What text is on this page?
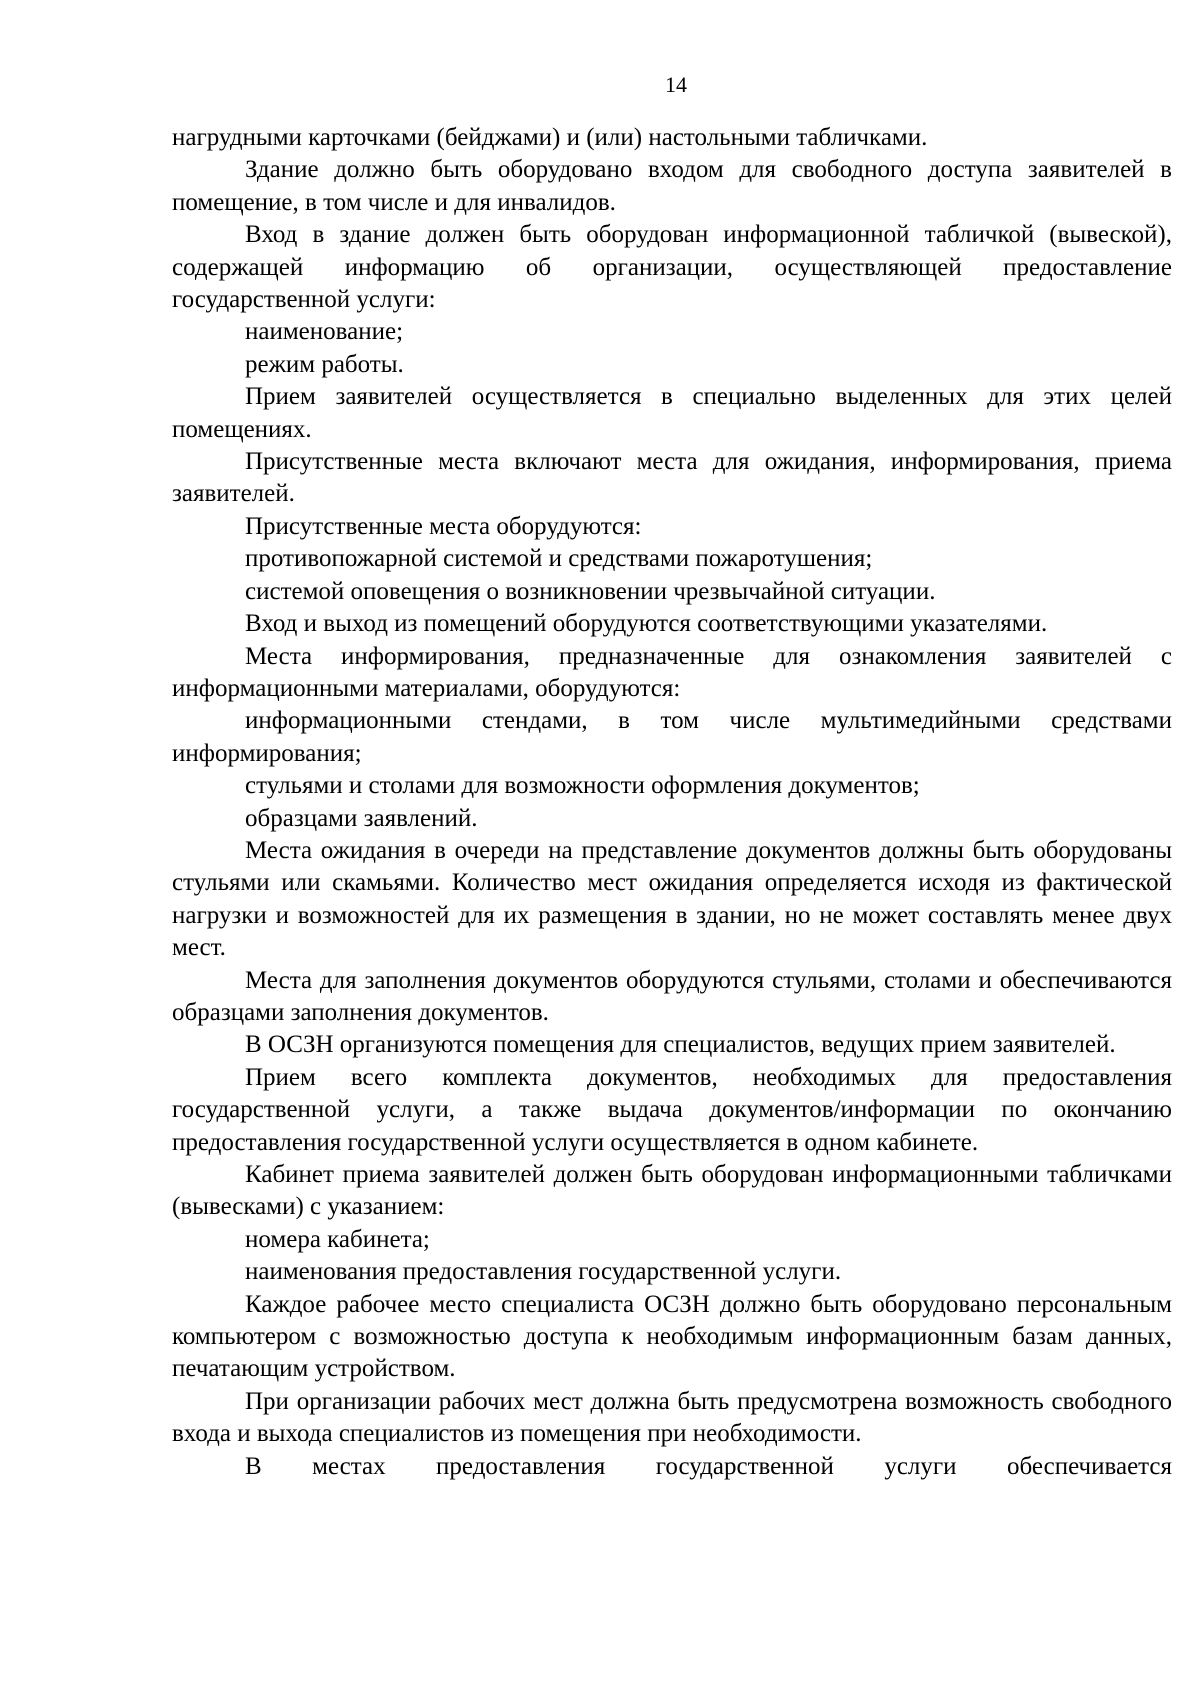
14

нагрудными карточками (бейджами) и (или) настольными табличками.

Здание должно быть оборудовано входом для свободного доступа заявителей в помещение, в том числе и для инвалидов.

Вход в здание должен быть оборудован информационной табличкой (вывеской), содержащей информацию об организации, осуществляющей предоставление государственной услуги:

наименование;

режим работы.

Прием заявителей осуществляется в специально выделенных для этих целей помещениях.

Присутственные места включают места для ожидания, информирования, приема заявителей.

Присутственные места оборудуются:

противопожарной системой и средствами пожаротушения;

системой оповещения о возникновении чрезвычайной ситуации.

Вход и выход из помещений оборудуются соответствующими указателями.

Места информирования, предназначенные для ознакомления заявителей с информационными материалами, оборудуются:

информационными стендами, в том числе мультимедийными средствами информирования;

стульями и столами для возможности оформления документов;

образцами заявлений.

Места ожидания в очереди на представление документов должны быть оборудованы стульями или скамьями. Количество мест ожидания определяется исходя из фактической нагрузки и возможностей для их размещения в здании, но не может составлять менее двух мест.

Места для заполнения документов оборудуются стульями, столами и обеспечиваются образцами заполнения документов.

В ОСЗН организуются помещения для специалистов, ведущих прием заявителей.

Прием всего комплекта документов, необходимых для предоставления государственной услуги, а также выдача документов/информации по окончанию предоставления государственной услуги осуществляется в одном кабинете.

Кабинет приема заявителей должен быть оборудован информационными табличками (вывесками) с указанием:

номера кабинета;

наименования предоставления государственной услуги.

Каждое рабочее место специалиста ОСЗН должно быть оборудовано персональным компьютером с возможностью доступа к необходимым информационным базам данных, печатающим устройством.

При организации рабочих мест должна быть предусмотрена возможность свободного входа и выхода специалистов из помещения при необходимости.

В местах предоставления государственной услуги обеспечивается
